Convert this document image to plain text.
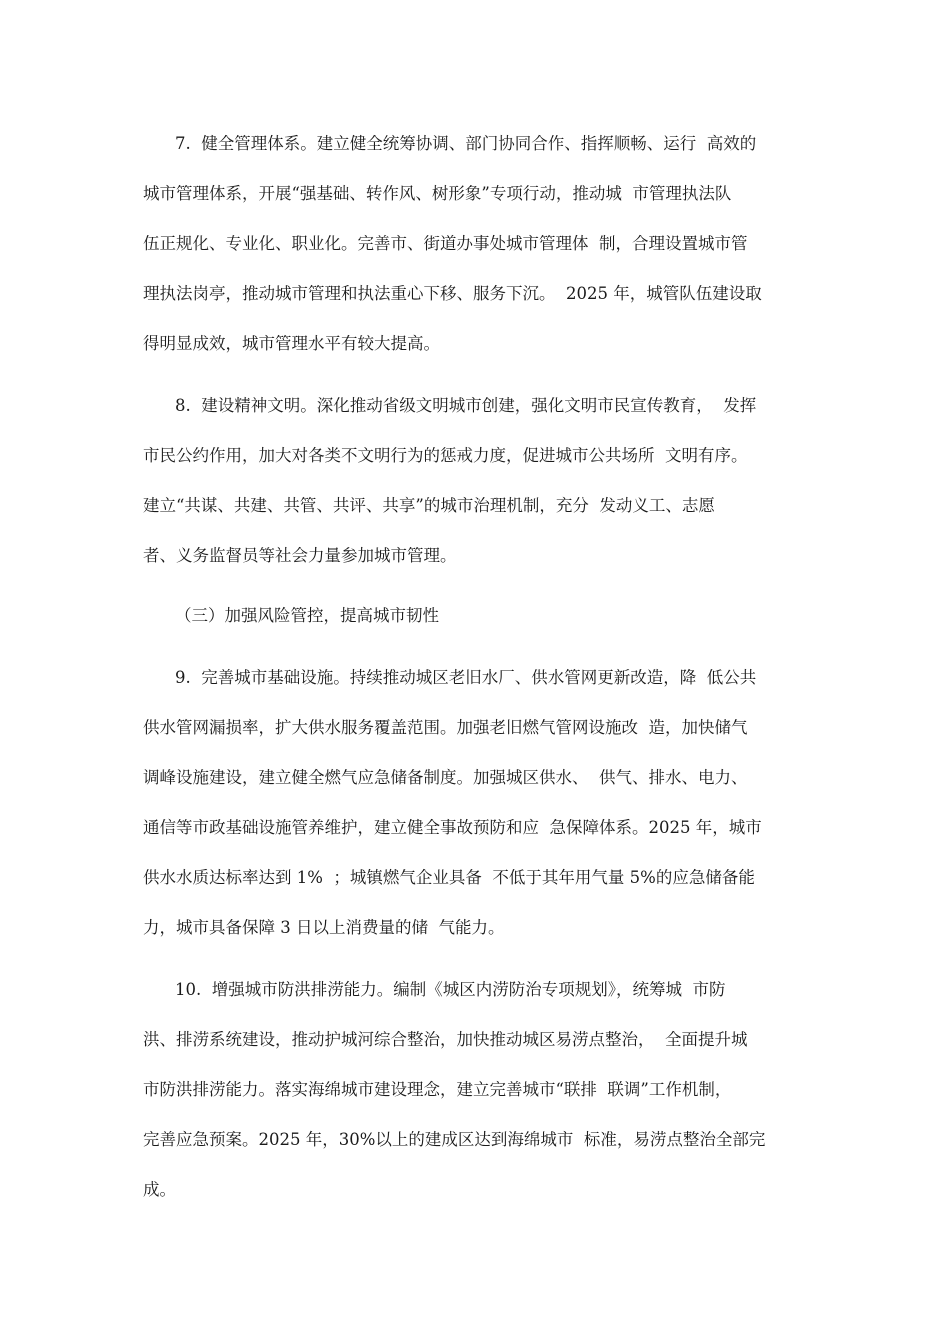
7.  健全管理体系。建立健全统筹协调、部门协同合作、指挥顺畅、运行  高效的
城市管理体系，开展“强基础、转作风、树形象”专项行动，推动城  市管理执法队
伍正规化、专业化、职业化。完善市、街道办事处城市管理体  制，合理设置城市管
理执法岗亭，推动城市管理和执法重心下移、服务下沉。  2025 年，城管队伍建设取
得明显成效，城市管理水平有较大提高。
8.  建设精神文明。深化推动省级文明城市创建，强化文明市民宣传教育，  发挥
市民公约作用，加大对各类不文明行为的惩戒力度，促进城市公共场所  文明有序。
建立“共谋、共建、共管、共评、共享”的城市治理机制，充分  发动义工、志愿
者、义务监督员等社会力量参加城市管理。
（三）加强风险管控，提高城市韧性
9.  完善城市基础设施。持续推动城区老旧水厂、供水管网更新改造，降  低公共
供水管网漏损率，扩大供水服务覆盖范围。加强老旧燃气管网设施改  造，加快储气
调峰设施建设，建立健全燃气应急储备制度。加强城区供水、  供气、排水、电力、
通信等市政基础设施管养维护，建立健全事故预防和应  急保障体系。2025 年，城市
供水水质达标率达到 1%  ；城镇燃气企业具备  不低于其年用气量 5%的应急储备能
力，城市具备保障 3 日以上消费量的储  气能力。
10.  增强城市防洪排涝能力。编制《城区内涝防治专项规划》，统筹城  市防
洪、排涝系统建设，推动护城河综合整治，加快推动城区易涝点整治，  全面提升城
市防洪排涝能力。落实海绵城市建设理念，建立完善城市“联排  联调”工作机制，
完善应急预案。2025 年，30%以上的建成区达到海绵城市  标准，易涝点整治全部完
成。
